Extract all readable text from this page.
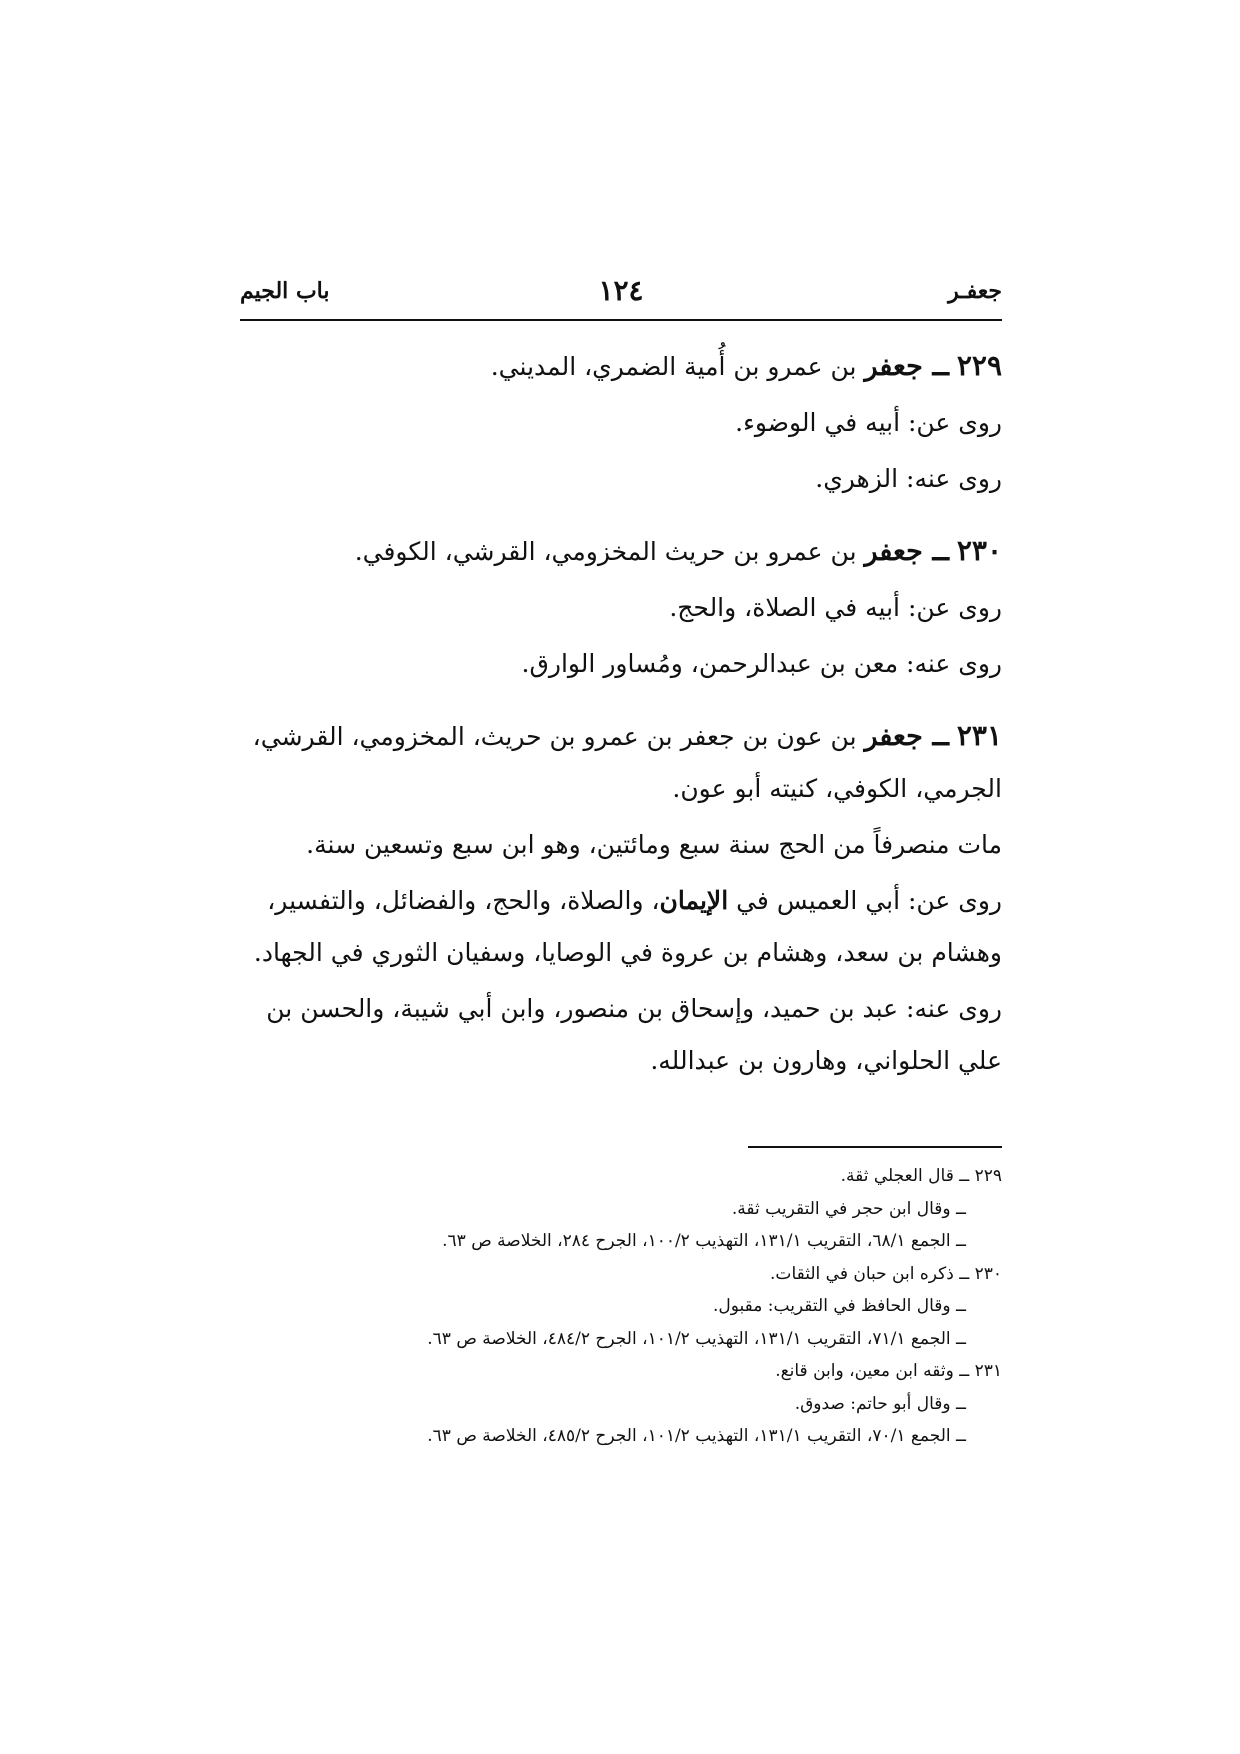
جعفـر
١٢٤
باب الجيم

٢٢٩ ــ جعفر بن عمرو بن أُمية الضمري، المديني.

روى عن: أبيه في الوضوء.

روى عنه: الزهري.

٢٣٠ ــ جعفر بن عمرو بن حريث المخزومي، القرشي، الكوفي.

روى عن: أبيه في الصلاة، والحج.

روى عنه: معن بن عبدالرحمن، ومُساور الوارق.

٢٣١ ــ جعفر بن عون بن جعفر بن عمرو بن حريث، المخزومي، القرشي، الجرمي، الكوفي، كنيته أبو عون.

مات منصرفاً من الحج سنة سبع ومائتين، وهو ابن سبع وتسعين سنة.

روى عن: أبي العميس في الإيمان، والصلاة، والحج، والفضائل، والتفسير، وهشام بن سعد، وهشام بن عروة في الوصايا، وسفيان الثوري في الجهاد.

روى عنه: عبد بن حميد، وإسحاق بن منصور، وابن أبي شيبة، والحسن بن علي الحلواني، وهارون بن عبدالله.

٢٢٩ ــ قال العجلي ثقة.

ــ وقال ابن حجر في التقريب ثقة.

ــ الجمع ٦٨/١، التقريب ١٣١/١، التهذيب ١٠٠/٢، الجرح ٢٨٤، الخلاصة ص ٦٣.

٢٣٠ ــ ذكره ابن حبان في الثقات.

ــ وقال الحافظ في التقريب: مقبول.

ــ الجمع ٧١/١، التقريب ١٣١/١، التهذيب ١٠١/٢، الجرح ٤٨٤/٢، الخلاصة ص ٦٣.

٢٣١ ــ وثقه ابن معين، وابن قانع.

ــ وقال أبو حاتم: صدوق.

ــ الجمع ٧٠/١، التقريب ١٣١/١، التهذيب ١٠١/٢، الجرح ٤٨٥/٢، الخلاصة ص ٦٣.
